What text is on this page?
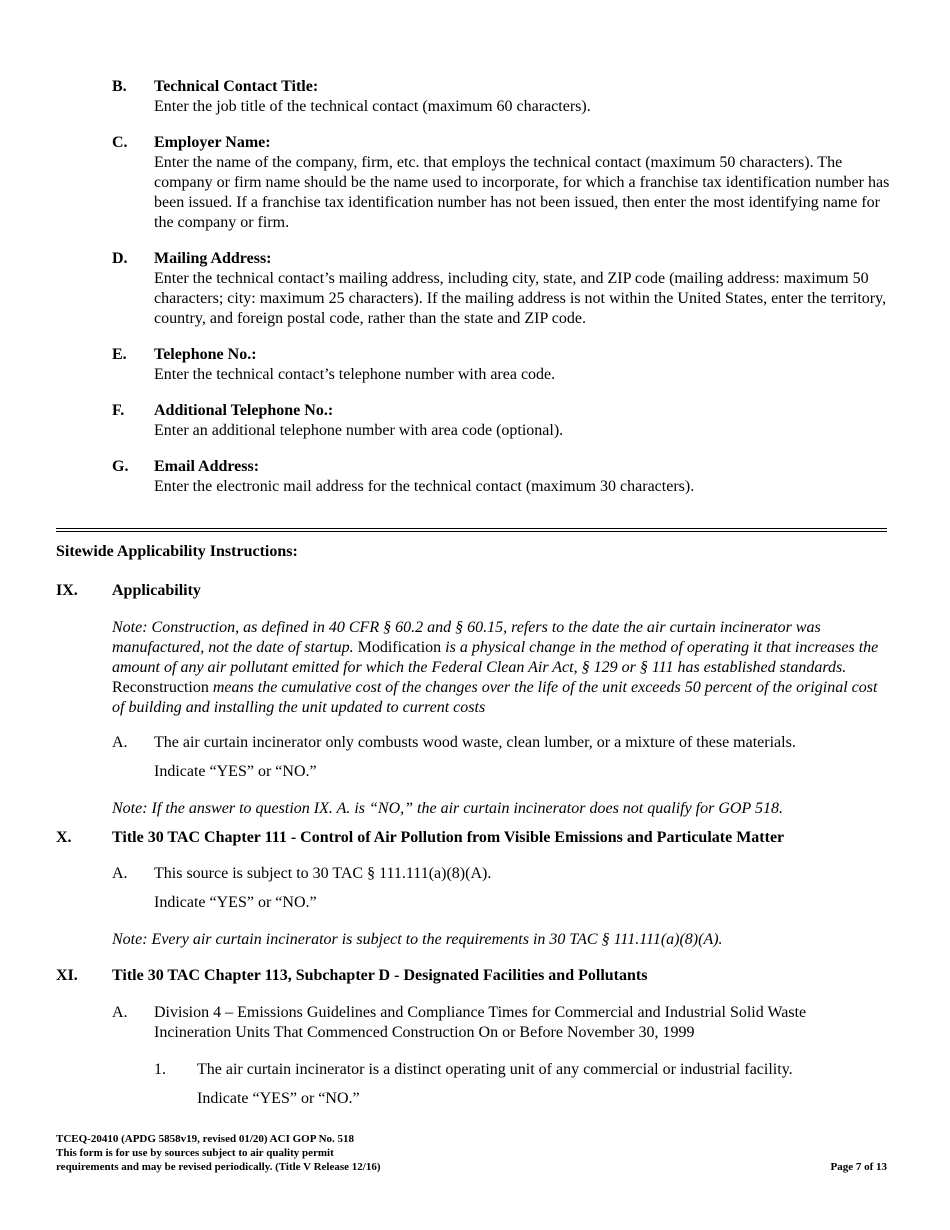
B. Technical Contact Title:
Enter the job title of the technical contact (maximum 60 characters).
C. Employer Name:
Enter the name of the company, firm, etc. that employs the technical contact (maximum 50 characters). The company or firm name should be the name used to incorporate, for which a franchise tax identification number has been issued. If a franchise tax identification number has not been issued, then enter the most identifying name for the company or firm.
D. Mailing Address:
Enter the technical contact’s mailing address, including city, state, and ZIP code (mailing address: maximum 50 characters; city: maximum 25 characters). If the mailing address is not within the United States, enter the territory, country, and foreign postal code, rather than the state and ZIP code.
E. Telephone No.:
Enter the technical contact’s telephone number with area code.
F. Additional Telephone No.:
Enter an additional telephone number with area code (optional).
G. Email Address:
Enter the electronic mail address for the technical contact (maximum 30 characters).
Sitewide Applicability Instructions:
IX. Applicability
Note: Construction, as defined in 40 CFR § 60.2 and § 60.15, refers to the date the air curtain incinerator was manufactured, not the date of startup. Modification is a physical change in the method of operating it that increases the amount of any air pollutant emitted for which the Federal Clean Air Act, § 129 or § 111 has established standards. Reconstruction means the cumulative cost of the changes over the life of the unit exceeds 50 percent of the original cost of building and installing the unit updated to current costs
A. The air curtain incinerator only combusts wood waste, clean lumber, or a mixture of these materials.
Indicate “YES” or “NO.”
Note: If the answer to question IX. A. is “NO,” the air curtain incinerator does not qualify for GOP 518.
X.	Title 30 TAC Chapter 111 - Control of Air Pollution from Visible Emissions and Particulate Matter
A. This source is subject to 30 TAC § 111.111(a)(8)(A).
Indicate “YES” or “NO.”
Note: Every air curtain incinerator is subject to the requirements in 30 TAC § 111.111(a)(8)(A).
XI. Title 30 TAC Chapter 113, Subchapter D - Designated Facilities and Pollutants
A. Division 4 – Emissions Guidelines and Compliance Times for Commercial and Industrial Solid Waste Incineration Units That Commenced Construction On or Before November 30, 1999
1. The air curtain incinerator is a distinct operating unit of any commercial or industrial facility.
Indicate “YES” or “NO.”
TCEQ-20410 (APDG 5858v19, revised 01/20) ACI GOP No. 518
This form is for use by sources subject to air quality permit
requirements and may be revised periodically. (Title V Release 12/16)	Page 7 of 13
